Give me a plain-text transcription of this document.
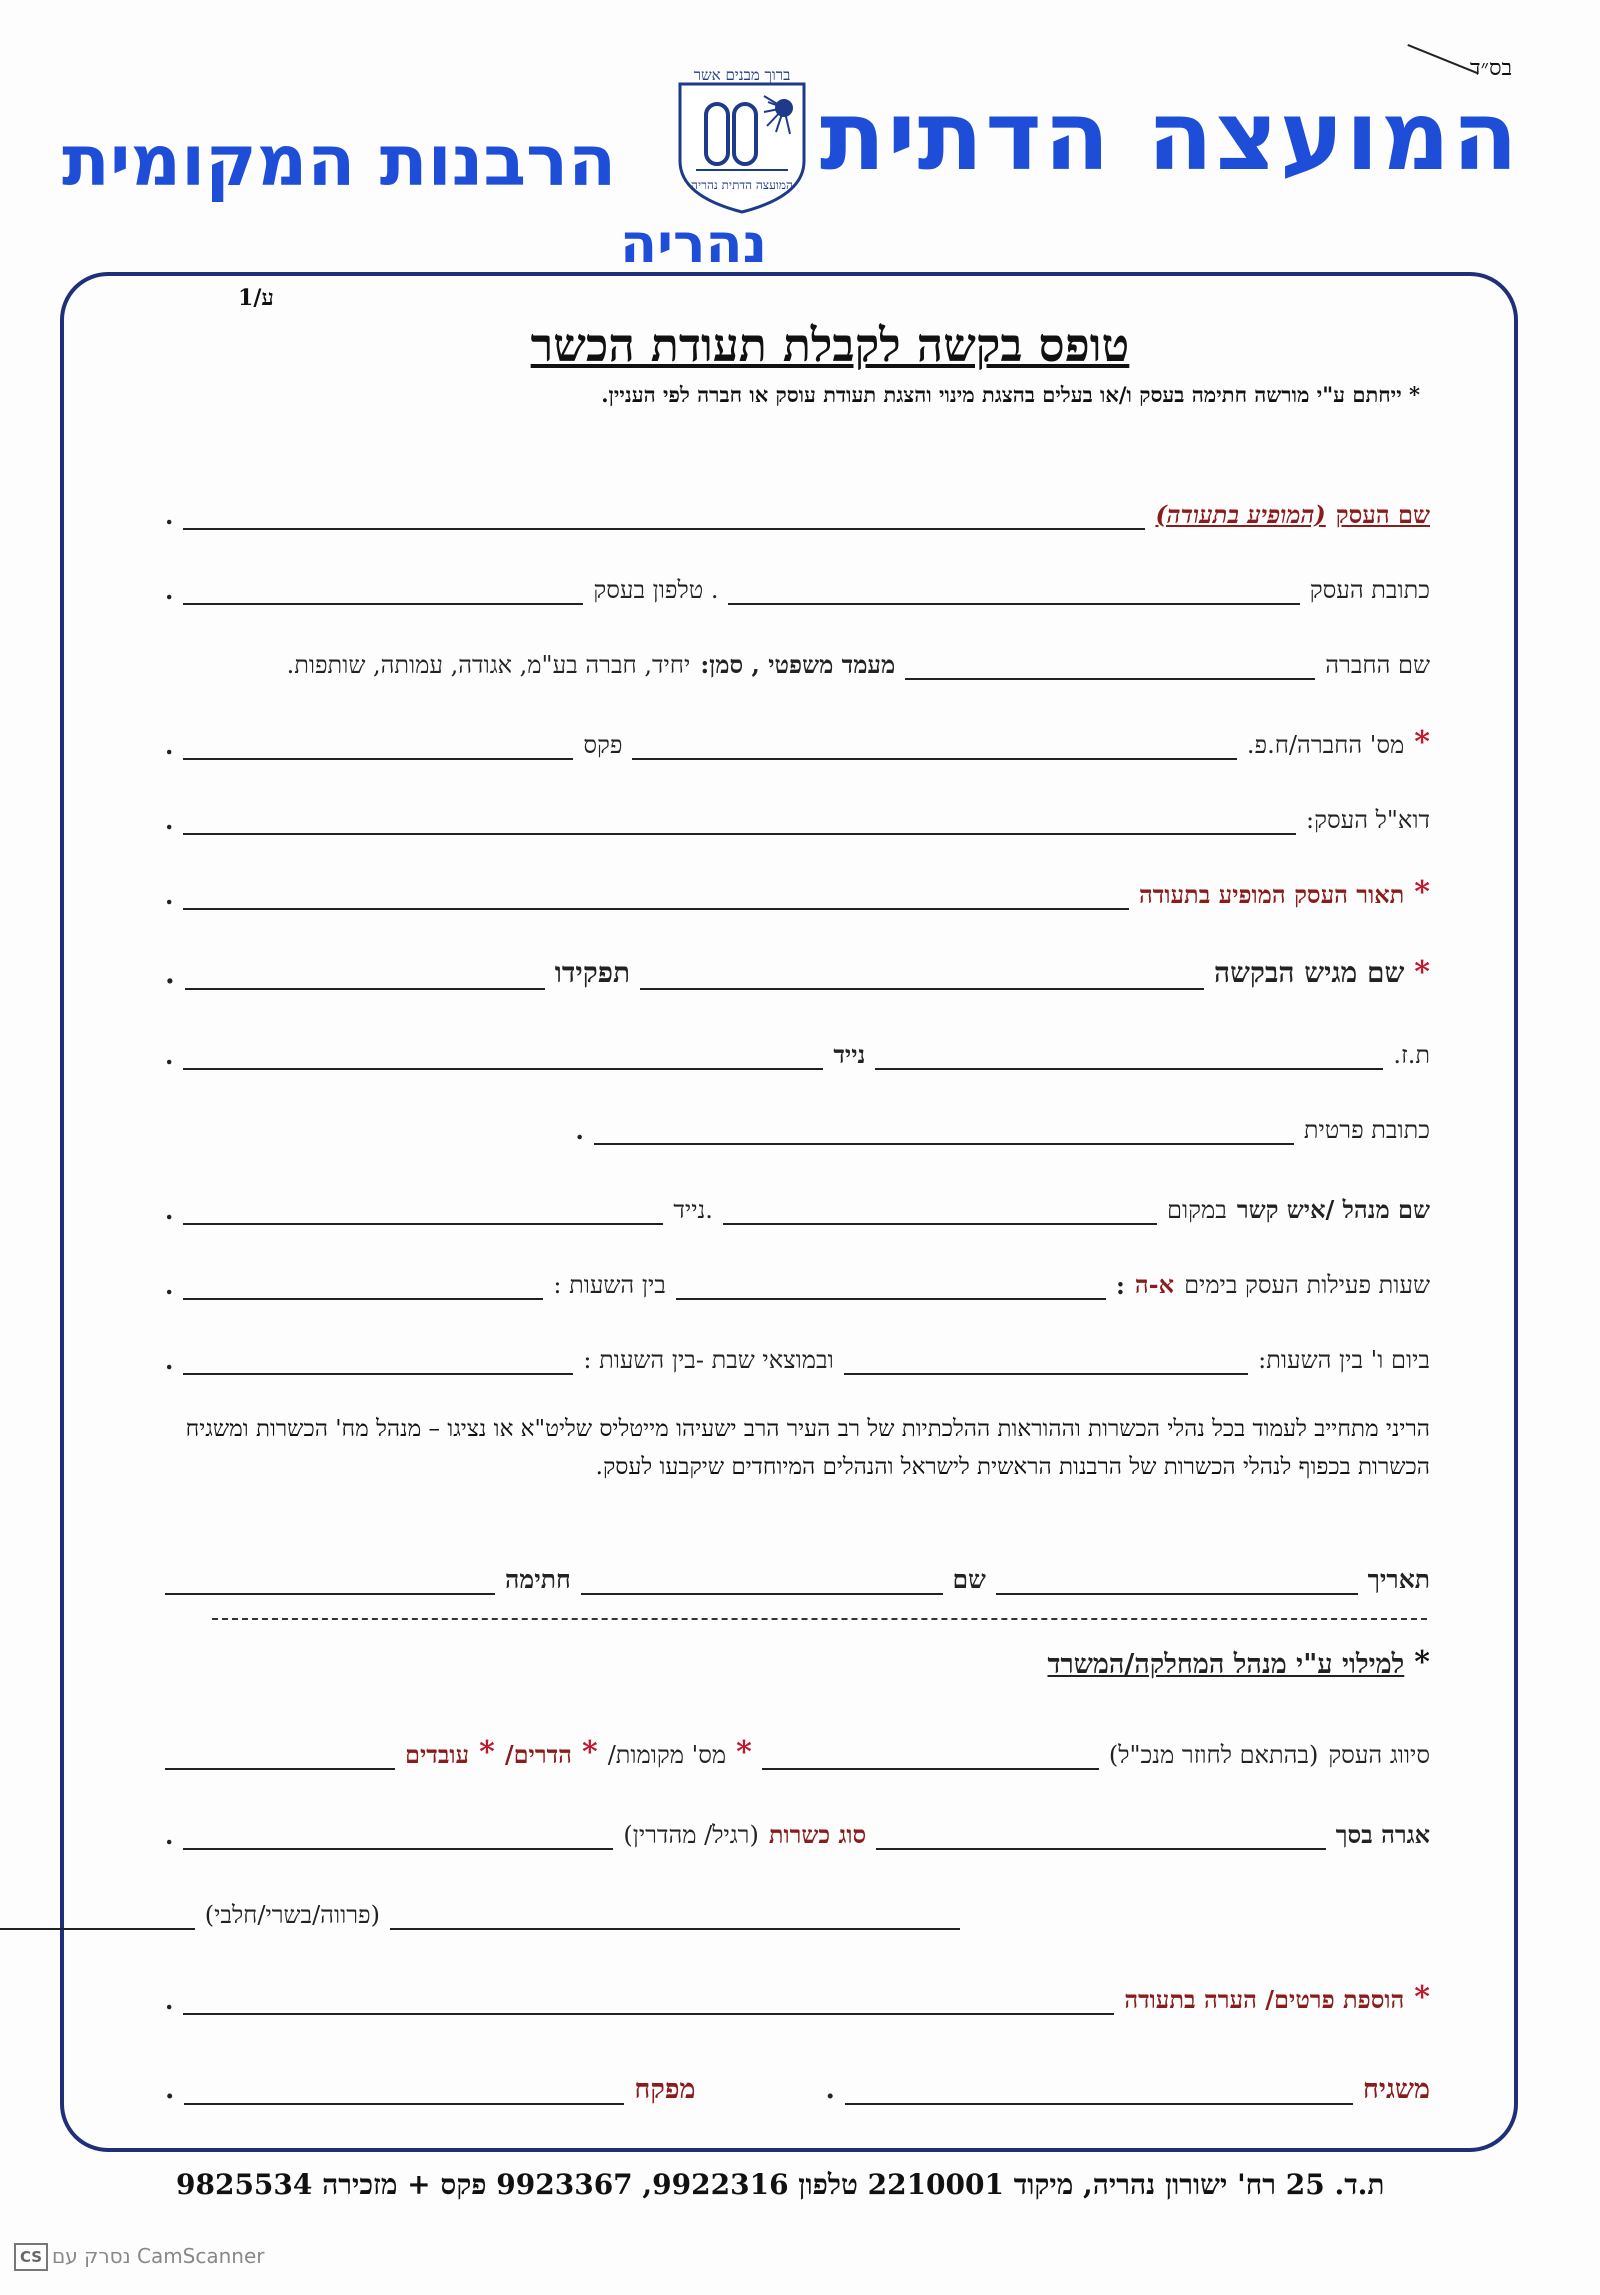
בס״ד
המועצה הדתית
הרבנות המקומית
ברוך מבנים אשר
המועצה הדתית נהריה
נהריה
ע/1
טופס בקשה לקבלת תעודת הכשר
* ייחתם ע"י מורשה חתימה בעסק ו/או בעלים בהצגת מינוי והצגת תעודת עוסק או חברה לפי העניין.
שם העסק
(המופיע בתעודה)
.
כתובת העסק
. טלפון בעסק
.
שם החברה
מעמד משפטי , סמן:
יחיד, חברה בע"מ, אגודה, עמותה, שותפות.
*
מס' החברה/ח.פ.
פקס
.
דוא"ל העסק:
.
*
תאור העסק המופיע בתעודה
.
*
שם מגיש הבקשה
תפקידו
.
ת.ז.
נייד
.
כתובת פרטית
.
שם מנהל /איש קשר
במקום
.נייד
.
שעות פעילות העסק בימים
א-ה
:
בין השעות :
.
ביום ו' בין השעות:
ובמוצאי שבת -בין השעות :
.
הריני מתחייב לעמוד בכל נהלי הכשרות וההוראות ההלכתיות של רב העיר הרב ישעיהו מייטליס שליט"א או נציגו – מנהל מח' הכשרות ומשגיח הכשרות בכפוף לנהלי הכשרות של הרבנות הראשית לישראל והנהלים המיוחדים שיקבעו לעסק.
תאריך
שם
חתימה
*
למילוי ע"י מנהל המחלקה/המשרד
סיווג העסק
(בהתאם לחוזר מנכ"ל)
*
מס' מקומות/
*
הדרים/
*
עובדים
אגרה בסך
סוג כשרות
(רגיל/ מהדרין)
.
(פרווה/בשרי/חלבי)
*
הוספת פרטים/ הערה בתעודה
.
משגיח
.
מפקח
.
ת.ד. 25 רח' ישורון נהריה, מיקוד 2210001 טלפון 9922316, 9923367 פקס + מזכירה 9825534
CS נסרק עם CamScanner
